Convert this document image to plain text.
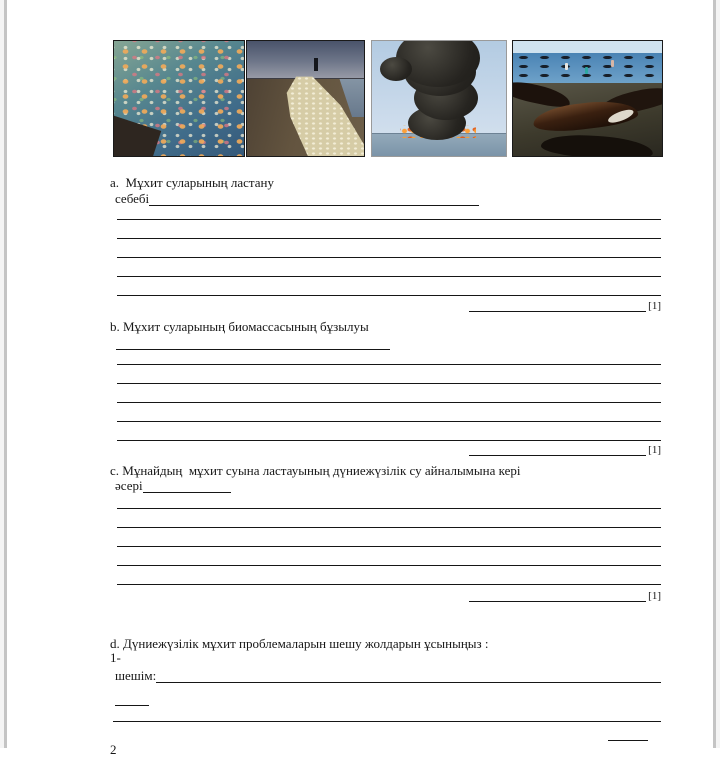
a.  Мұхит суларының ластану
себебі
[1]
b. Мұхит суларының биомассасының бұзылуы
[1]
c. Мұнайдың  мұхит суына ластауының дүниежүзілік су айналымына кері
әсері
[1]
d. Дүниежүзілік мұхит проблемаларын шешу жолдарын ұсыныңыз :
1-
шешім:
2
